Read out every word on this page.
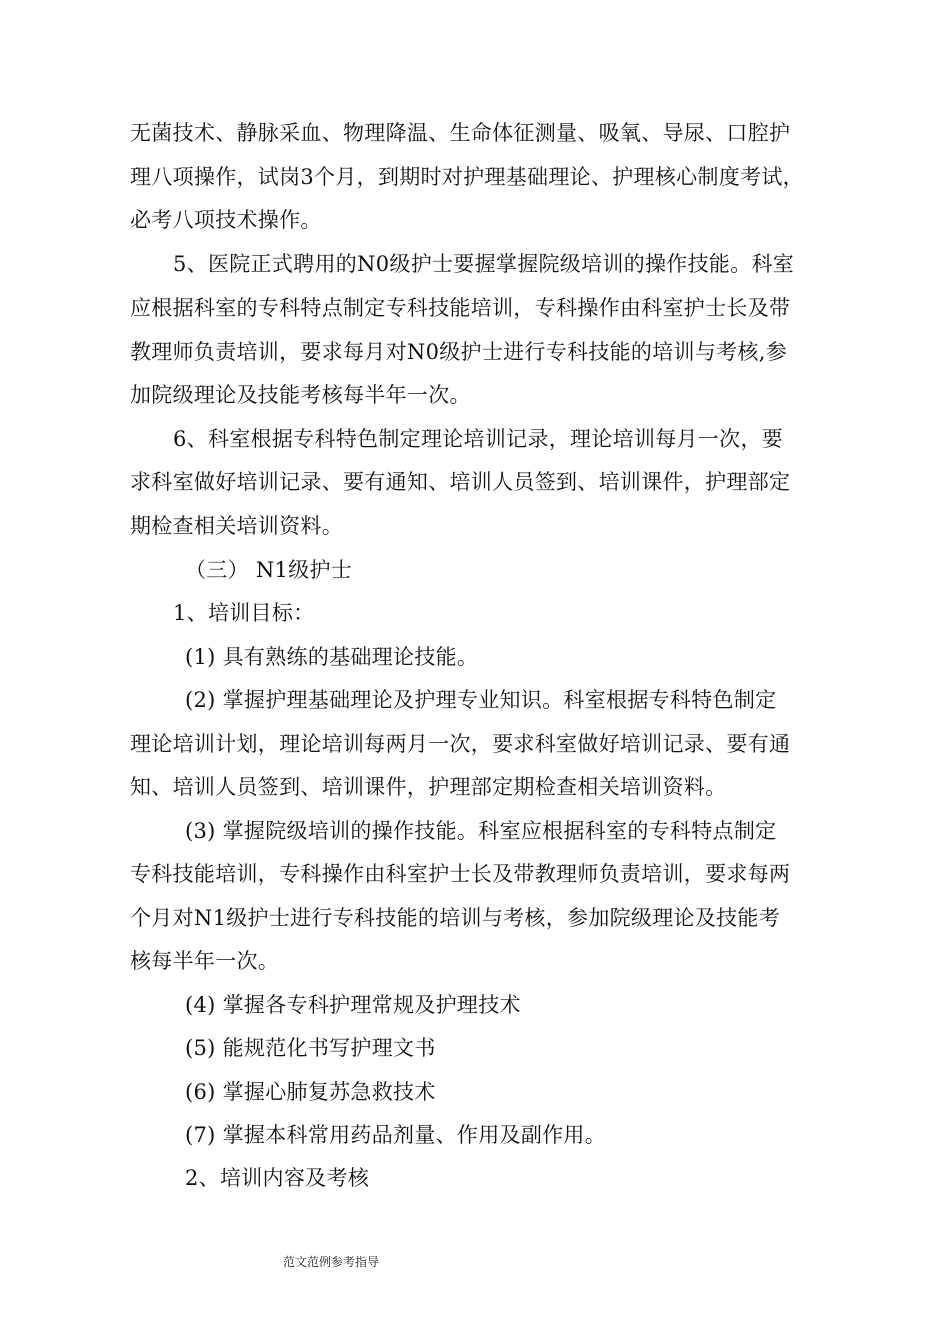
无菌技术、静脉采血、物理降温、生命体征测量、吸氧、导尿、口腔护
理八项操作，试岗3个月，到期时对护理基础理论、护理核心制度考试，
必考八项技术操作。
5、医院正式聘用的N0级护士要握掌握院级培训的操作技能。科室
应根据科室的专科特点制定专科技能培训，专科操作由科室护士长及带
教理师负责培训，要求每月对N0级护士进行专科技能的培训与考核,参
加院级理论及技能考核每半年一次。
6、科室根据专科特色制定理论培训记录，理论培训每月一次，要
求科室做好培训记录、要有通知、培训人员签到、培训课件，护理部定
期检查相关培训资料。
（三） N1级护士
1、培训目标：
(1) 具有熟练的基础理论技能。
(2) 掌握护理基础理论及护理专业知识。科室根据专科特色制定
理论培训计划，理论培训每两月一次，要求科室做好培训记录、要有通
知、培训人员签到、培训课件，护理部定期检查相关培训资料。
(3) 掌握院级培训的操作技能。科室应根据科室的专科特点制定
专科技能培训，专科操作由科室护士长及带教理师负责培训，要求每两
个月对N1级护士进行专科技能的培训与考核，参加院级理论及技能考
核每半年一次。
(4) 掌握各专科护理常规及护理技术
(5) 能规范化书写护理文书
(6) 掌握心肺复苏急救技术
(7) 掌握本科常用药品剂量、作用及副作用。
2、培训内容及考核
范文范例参考指导
